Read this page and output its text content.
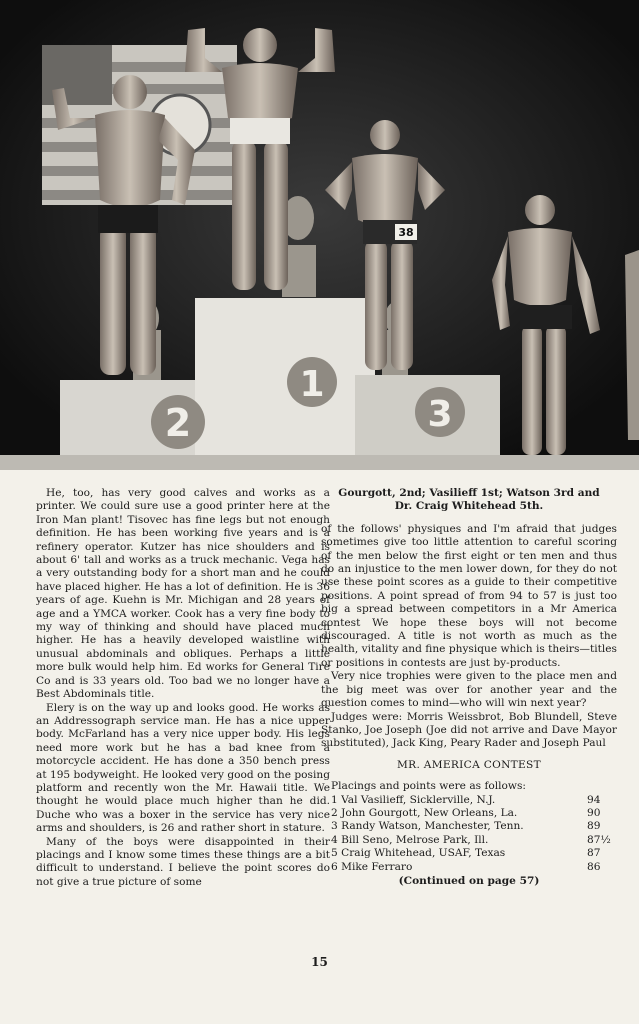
2
1
3
38

He, too, has very good calves and works as a printer. We could sure use a good printer here at the Iron Man plant! Tisovec has fine legs but not enough definition. He has been working five years and is a refinery operator. Kutzer has nice shoulders and is about 6' tall and works as a truck mechanic. Vega has a very outstanding body for a short man and he could have placed higher. He has a lot of definition. He is 36 years of age. Kuehn is Mr. Michigan and 28 years of age and a YMCA worker. Cook has a very fine body to my way of thinking and should have placed much higher. He has a heavily developed waistline with unusual abdominals and obliques. Perhaps a little more bulk would help him. Ed works for General Tire Co and is 33 years old. Too bad we no longer have a Best Abdominals title.

Elery is on the way up and looks good. He works as an Addressograph service man. He has a nice upper body. McFarland has a very nice upper body. His legs need more work but he has a bad knee from a motorcycle accident. He has done a 350 bench press at 195 bodyweight. He looked very good on the posing platform and recently won the Mr. Hawaii title. We thought he would place much higher than he did. Duche who was a boxer in the service has very nice arms and shoulders, is 26 and rather short in stature.

Many of the boys were disappointed in their placings and I know some times these things are a bit difficult to understand. I believe the point scores do not give a true picture of some

Gourgott, 2nd; Vasilieff 1st; Watson 3rd and
Dr. Craig Whitehead 5th.

of the follows' physiques and I'm afraid that judges sometimes give too little attention to careful scoring of the men below the first eight or ten men and thus do an injustice to the men lower down, for they do not use these point scores as a guide to their competitive positions. A point spread of from 94 to 57 is just too big a spread between competitors in a Mr America contest We hope these boys will not become discouraged. A title is not worth as much as the health, vitality and fine physique which is theirs—titles or positions in contests are just by-products.

Very nice trophies were given to the place men and the big meet was over for another year and the question comes to mind—who will win next year?

Judges were: Morris Weissbrot, Bob Blundell, Steve Stanko, Joe Joseph (Joe did not arrive and Dave Mayor substituted), Jack King, Peary Rader and Joseph Paul

MR. AMERICA CONTEST

Placings and points were as follows:

1 Val Vasilieff, Sicklerville, N.J.	94
2 John Gourgott, New Orleans, La.	90
3 Randy Watson, Manchester, Tenn.	89
4 Bill Seno, Melrose Park, Ill.	87½
5 Craig Whitehead, USAF, Texas	87
6 Mike Ferraro	86
(Continued on page 57)
15
